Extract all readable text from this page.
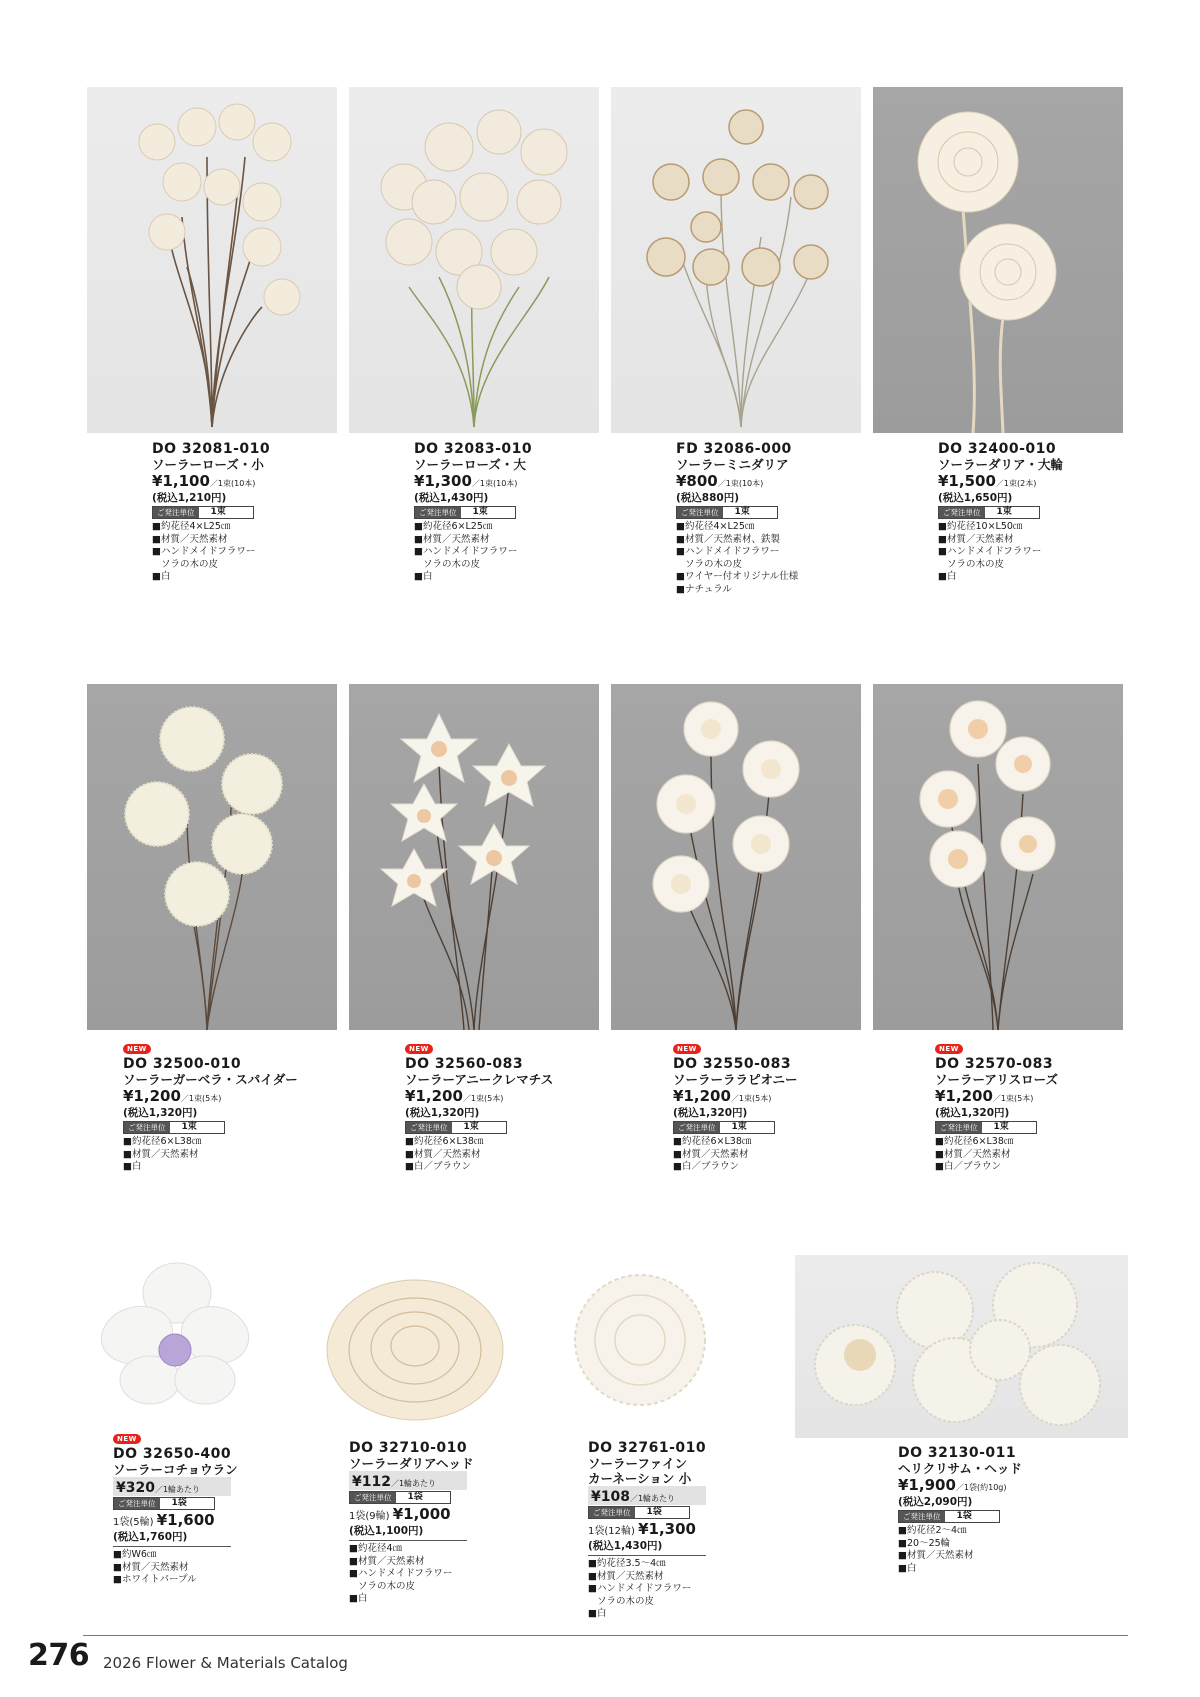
DO 32081-010
ソーラーローズ・小
¥1,100／1束(10本)
(税込1,210円)
ご発注単位	1束
■約花径4×L25㎝
■材質／天然素材
■ハンドメイドフラワー
ソラの木の皮
■白
DO 32083-010
ソーラーローズ・大
¥1,300／1束(10本)
(税込1,430円)
ご発注単位	1束
■約花径6×L25㎝
■材質／天然素材
■ハンドメイドフラワー
ソラの木の皮
■白
FD 32086-000
ソーラーミニダリア
¥800／1束(10本)
(税込880円)
ご発注単位	1束
■約花径4×L25㎝
■材質／天然素材、鉄製
■ハンドメイドフラワー
ソラの木の皮
■ワイヤー付オリジナル仕様
■ナチュラル
DO 32400-010
ソーラーダリア・大輪
¥1,500／1束(2本)
(税込1,650円)
ご発注単位	1束
■約花径10×L50㎝
■材質／天然素材
■ハンドメイドフラワー
ソラの木の皮
■白
NEW
DO 32500-010
ソーラーガーベラ・スパイダー
¥1,200／1束(5本)
(税込1,320円)
ご発注単位	1束
■約花径6×L38㎝
■材質／天然素材
■白
NEW
DO 32560-083
ソーラーアニークレマチス
¥1,200／1束(5本)
(税込1,320円)
ご発注単位	1束
■約花径6×L38㎝
■材質／天然素材
■白／ブラウン
NEW
DO 32550-083
ソーラーララピオニー
¥1,200／1束(5本)
(税込1,320円)
ご発注単位	1束
■約花径6×L38㎝
■材質／天然素材
■白／ブラウン
NEW
DO 32570-083
ソーラーアリスローズ
¥1,200／1束(5本)
(税込1,320円)
ご発注単位	1束
■約花径6×L38㎝
■材質／天然素材
■白／ブラウン
NEW
DO 32650-400
ソーラーコチョウラン
¥320／1輪あたり
ご発注単位	1袋
1袋(5輪) ¥1,600
(税込1,760円)
■約W6㎝
■材質／天然素材
■ホワイトパープル
DO 32710-010
ソーラーダリアヘッド
¥112／1輪あたり
ご発注単位	1袋
1袋(9輪) ¥1,000
(税込1,100円)
■約花径4㎝
■材質／天然素材
■ハンドメイドフラワー
ソラの木の皮
■白
DO 32761-010
ソーラーファイン
カーネーション 小
¥108／1輪あたり
ご発注単位	1袋
1袋(12輪) ¥1,300
(税込1,430円)
■約花径3.5～4㎝
■材質／天然素材
■ハンドメイドフラワー
ソラの木の皮
■白
DO 32130-011
ヘリクリサム・ヘッド
¥1,900／1袋(約10g)
(税込2,090円)
ご発注単位	1袋
■約花径2～4㎝
■20～25輪
■材質／天然素材
■白
276 2026 Flower & Materials Catalog
